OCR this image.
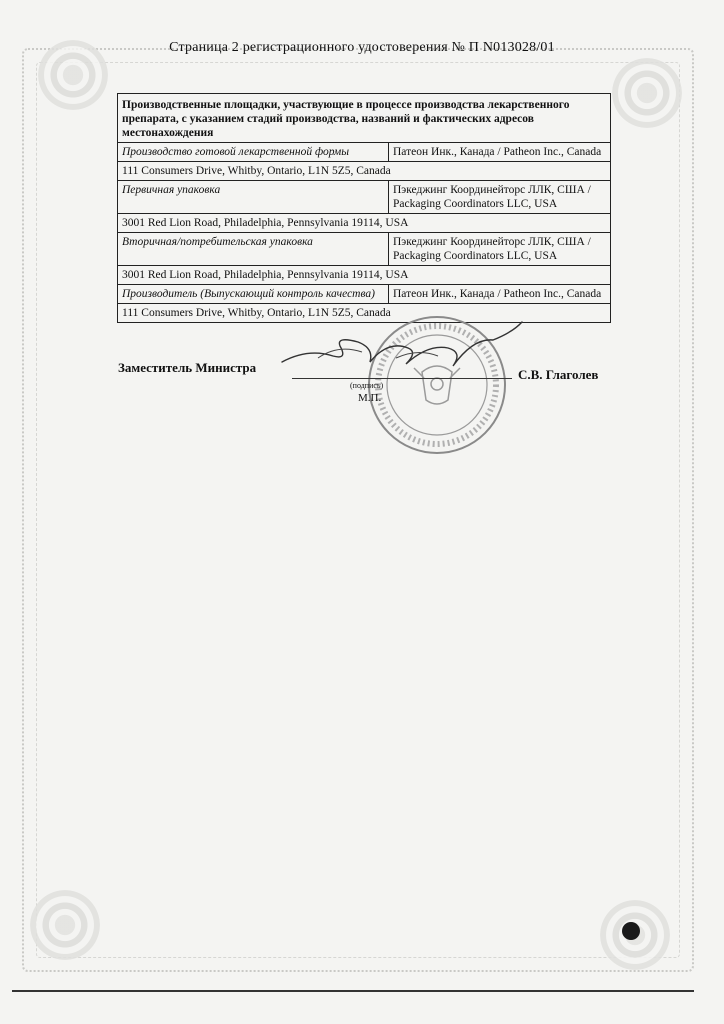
Страница 2 регистрационного удостоверения № П N013028/01
Производственные площадки, участвующие в процессе производства лекарственного препарата, с указанием стадий производства, названий и фактических адресов местонахождения	
Производство готовой лекарственной формы	Патеон Инк., Канада / Patheon Inc., Canada
111 Consumers Drive, Whitby, Ontario, L1N 5Z5, Canada	
Первичная упаковка	Пэкеджинг Координейторс ЛЛК, США / Packaging Coordinators LLC, USA
3001 Red Lion Road, Philadelphia, Pennsylvania 19114, USA	
Вторичная/потребительская упаковка	Пэкеджинг Координейторс ЛЛК, США / Packaging Coordinators LLC, USA
3001 Red Lion Road, Philadelphia, Pennsylvania 19114, USA	
Производитель (Выпускающий контроль качества)	Патеон Инк., Канада / Patheon Inc., Canada
111 Consumers Drive, Whitby, Ontario, L1N 5Z5, Canada	
Заместитель Министра
(подпись)
М.П.
С.В. Глаголев
